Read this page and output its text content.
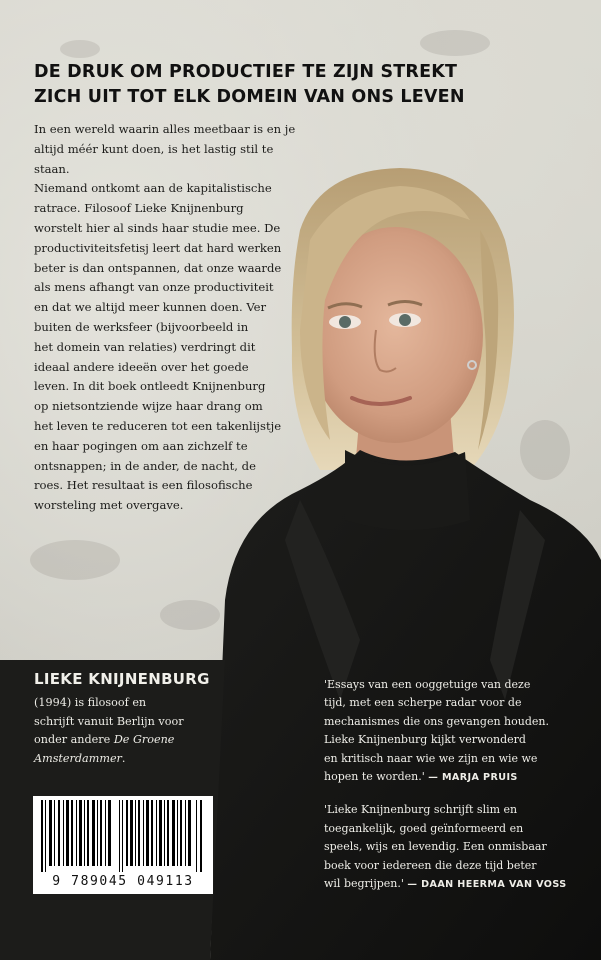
DE DRUK OM PRODUCTIEF TE ZIJN STREKT
ZICH UIT TOT ELK DOMEIN VAN ONS LEVEN
In een wereld waarin alles meetbaar is en je
altijd méér kunt doen, is het lastig stil te staan.
Niemand ontkomt aan de kapitalistische
ratrace. Filosoof Lieke Knijnenburg
worstelt hier al sinds haar studie mee. De
productiviteitsfetisj leert dat hard werken
beter is dan ontspannen, dat onze waarde
als mens afhangt van onze productiviteit
en dat we altijd meer kunnen doen. Ver
buiten de werksfeer (bijvoorbeeld in
het domein van relaties) verdringt dit
ideaal andere ideeën over het goede
leven. In dit boek ontleedt Knijnenburg
op nietsontziende wijze haar drang om
het leven te reduceren tot een takenlijstje
en haar pogingen om aan zichzelf te
ontsnappen; in de ander, de nacht, de
roes. Het resultaat is een filosofische
worsteling met overgave.
LIEKE KNIJNENBURG
(1994) is filosoof en
schrijft vanuit Berlijn voor
onder andere De Groene
Amsterdammer.
'Essays van een ooggetuige van deze
tijd, met een scherpe radar voor de
mechanismes die ons gevangen houden.
Lieke Knijnenburg kijkt verwonderd
en kritisch naar wie we zijn en wie we
hopen te worden.' — MARJA PRUIS
'Lieke Knijnenburg schrijft slim en
toegankelijk, goed geïnformeerd en
speels, wijs en levendig. Een onmisbaar
boek voor iedereen die deze tijd beter
wil begrijpen.' — DAAN HEERMA VAN VOSS
9 789045 049113
